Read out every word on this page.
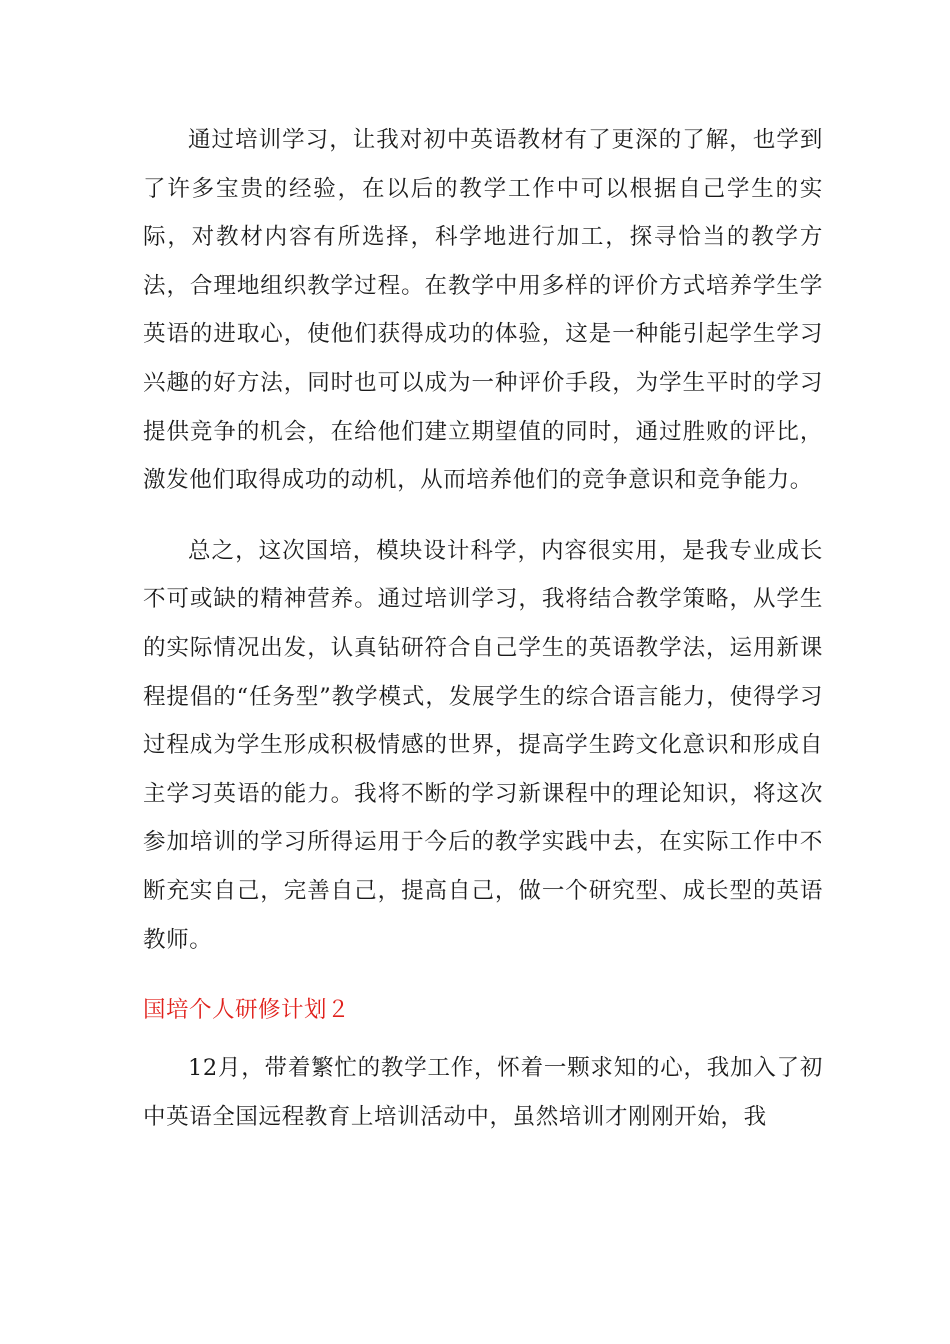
通过培训学习，让我对初中英语教材有了更深的了解，也学到了许多宝贵的经验，在以后的教学工作中可以根据自己学生的实际，对教材内容有所选择，科学地进行加工，探寻恰当的教学方法，合理地组织教学过程。在教学中用多样的评价方式培养学生学英语的进取心，使他们获得成功的体验，这是一种能引起学生学习兴趣的好方法，同时也可以成为一种评价手段，为学生平时的学习提供竞争的机会，在给他们建立期望值的同时，通过胜败的评比，激发他们取得成功的动机，从而培养他们的竞争意识和竞争能力。

总之，这次国培，模块设计科学，内容很实用，是我专业成长不可或缺的精神营养。通过培训学习，我将结合教学策略，从学生的实际情况出发，认真钻研符合自己学生的英语教学法，运用新课程提倡的“任务型”教学模式，发展学生的综合语言能力，使得学习过程成为学生形成积极情感的世界，提高学生跨文化意识和形成自主学习英语的能力。我将不断的学习新课程中的理论知识，将这次参加培训的学习所得运用于今后的教学实践中去，在实际工作中不断充实自己，完善自己，提高自己，做一个研究型、成长型的英语教师。

国培个人研修计划２

12月，带着繁忙的教学工作，怀着一颗求知的心，我加入了初中英语全国远程教育上培训活动中，虽然培训才刚刚开始，我
